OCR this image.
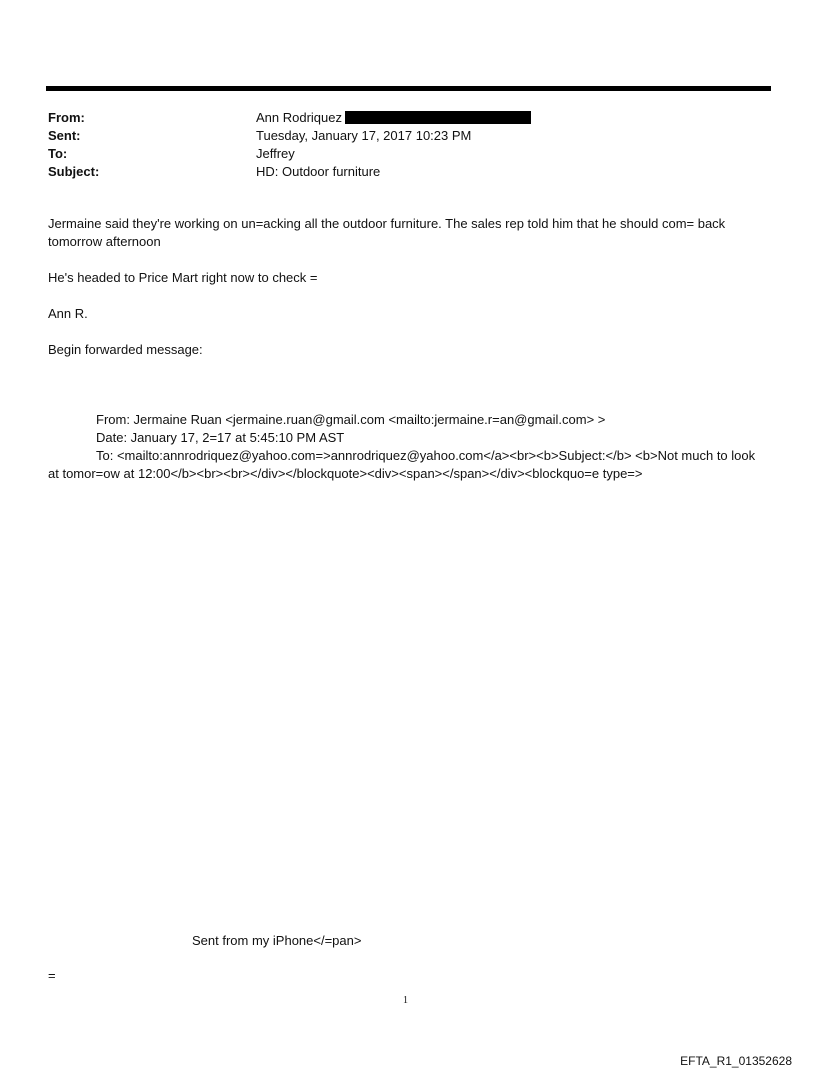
From:	Ann Rodriquez
Sent:	Tuesday, January 17, 2017 10:23 PM
To:	Jeffrey
Subject:	HD: Outdoor furniture

Jermaine said they're working on un=acking all the outdoor furniture. The sales rep told him that he should com= back tomorrow afternoon

He's headed to Price Mart right now to check =

Ann R.

Begin forwarded message:

From: Jermaine Ruan <jermaine.ruan@gmail.com <mailto:jermaine.r=an@gmail.com> >
Date: January 17, 2=17 at 5:45:10 PM AST
To: <mailto:annrodriquez@yahoo.com=>annrodriquez@yahoo.com</a><br><b>Subject:</b> <b>Not much to look at tomor=ow at 12:00</b><br><br></div></blockquote><div><span></span></div><blockquo=e type=>
Sent from my iPhone</=pan>
=
1
EFTA_R1_01352628
